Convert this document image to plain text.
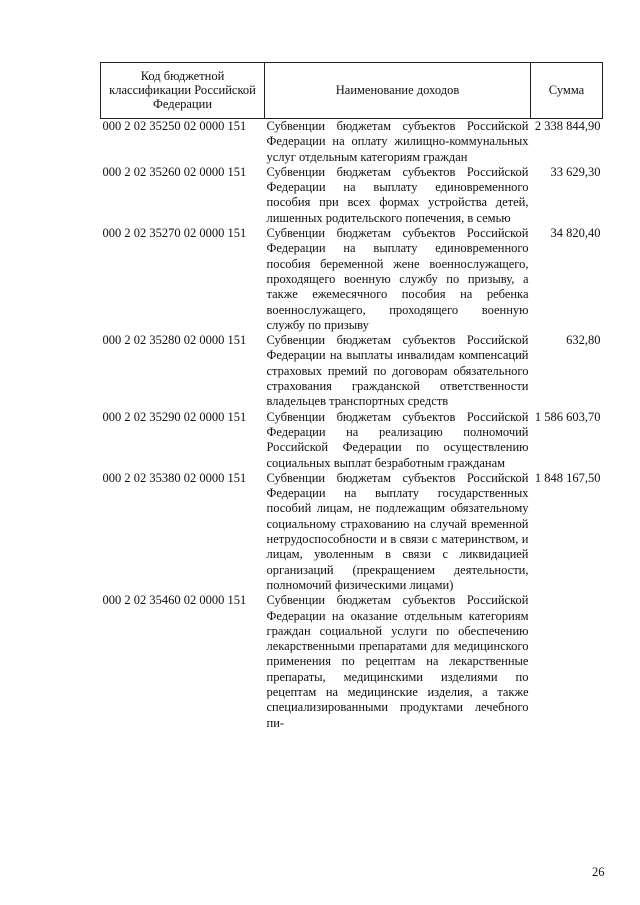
Код бюджетной классификации Российской Федерации	Наименование доходов	Сумма
000 2 02 35250 02 0000 151	Субвенции бюджетам субъектов Российской Федерации на оплату жилищно-коммунальных услуг отдельным категориям граждан	2 338 844,90
000 2 02 35260 02 0000 151	Субвенции бюджетам субъектов Российской Федерации на выплату единовременного пособия при всех формах устройства детей, лишенных родительского попечения, в семью	33 629,30
000 2 02 35270 02 0000 151	Субвенции бюджетам субъектов Российской Федерации на выплату единовременного пособия беременной жене военнослужащего, проходящего военную службу по призыву, а также ежемесячного пособия на ребенка военнослужащего, проходящего военную службу по призыву	34 820,40
000 2 02 35280 02 0000 151	Субвенции бюджетам субъектов Российской Федерации на выплаты инвалидам компенсаций страховых премий по договорам обязательного страхования гражданской ответственности владельцев транспортных средств	632,80
000 2 02 35290 02 0000 151	Субвенции бюджетам субъектов Российской Федерации на реализацию полномочий Российской Федерации по осуществлению социальных выплат безработным гражданам	1 586 603,70
000 2 02 35380 02 0000 151	Субвенции бюджетам субъектов Российской Федерации на выплату государственных пособий лицам, не подлежащим обязательному социальному страхованию на случай временной нетрудоспособности и в связи с материнством, и лицам, уволенным в связи с ликвидацией организаций (прекращением деятельности, полномочий физическими лицами)	1 848 167,50
000 2 02 35460 02 0000 151	Субвенции бюджетам субъектов Российской Федерации на оказание отдельным категориям граждан социальной услуги по обеспечению лекарственными препаратами для медицинского применения по рецептам на лекарственные препараты, медицинскими изделиями по рецептам на медицинские изделия, а также специализированными продуктами лечебного пи-	
26
